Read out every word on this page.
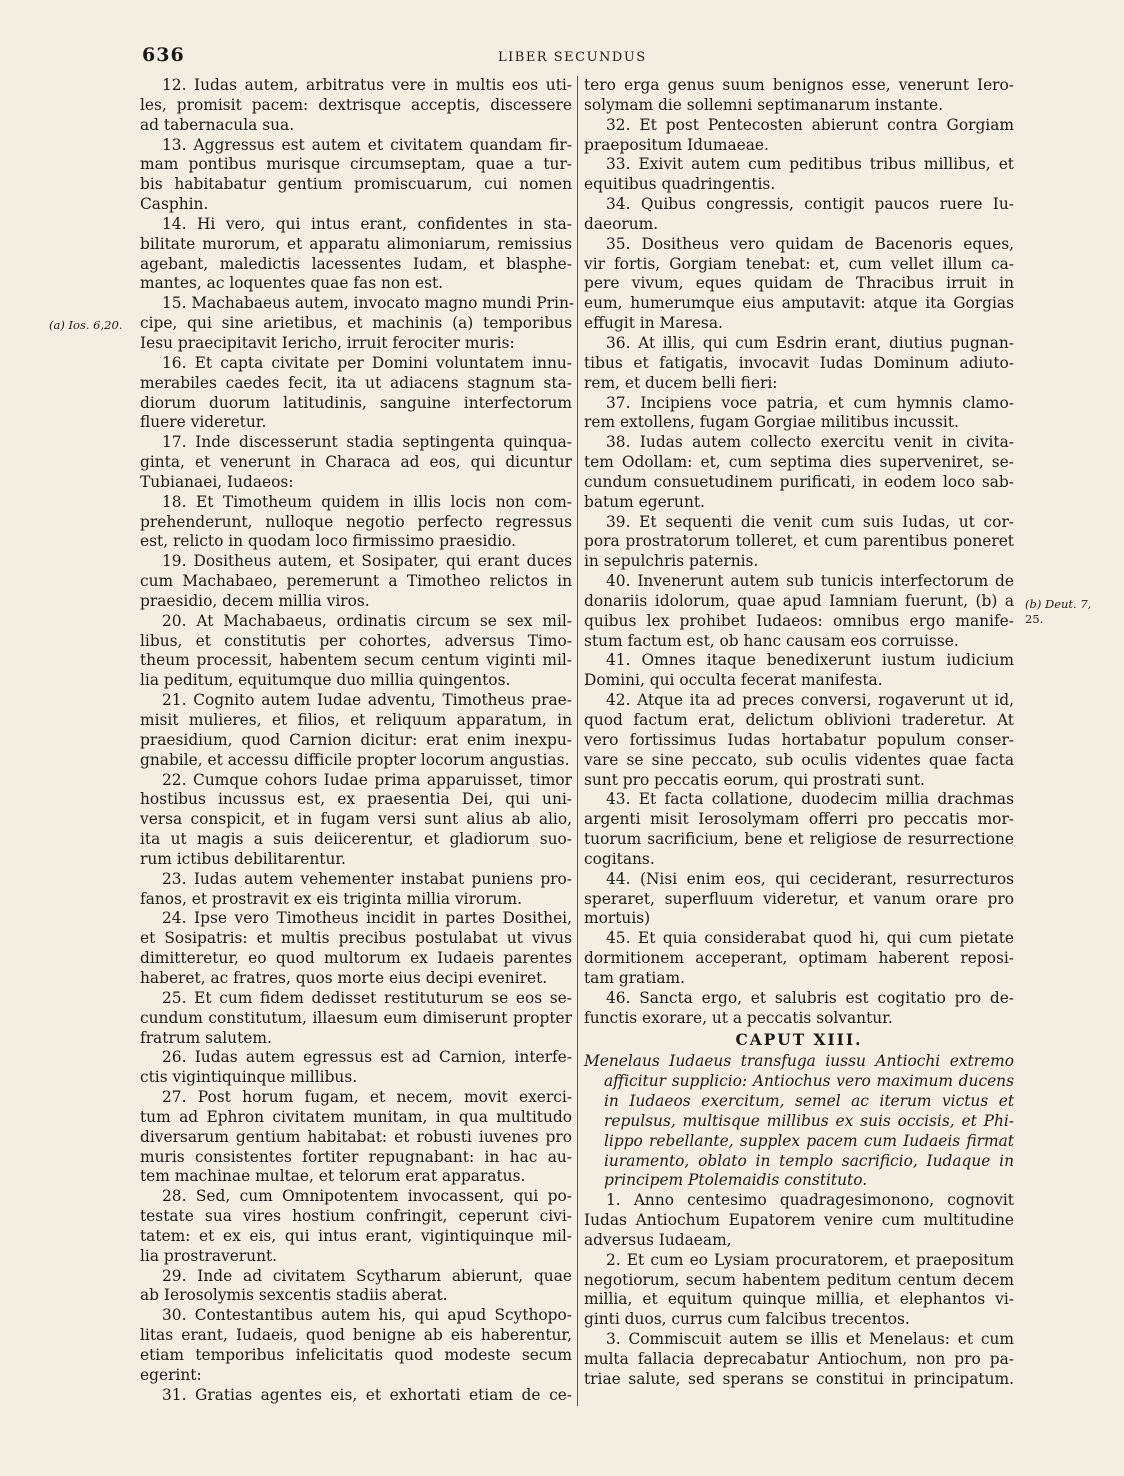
636	LIBER SECUNDUS
(a) Ios. 6,20.
(b) Deut. 7,
25.
12. Iudas autem, arbitratus vere in multis eos uti-
les, promisit pacem: dextrisque acceptis, discessere
ad tabernacula sua.
13. Aggressus est autem et civitatem quandam fir-
mam pontibus murisque circumseptam, quae a tur-
bis habitabatur gentium promiscuarum, cui nomen
Casphin.
14. Hi vero, qui intus erant, confidentes in sta-
bilitate murorum, et apparatu alimoniarum, remissius
agebant, maledictis lacessentes Iudam, et blasphe-
mantes, ac loquentes quae fas non est.
15. Machabaeus autem, invocato magno mundi Prin-
cipe, qui sine arietibus, et machinis (a) temporibus
Iesu praecipitavit Iericho, irruit ferociter muris:
16. Et capta civitate per Domini voluntatem innu-
merabiles caedes fecit, ita ut adiacens stagnum sta-
diorum duorum latitudinis, sanguine interfectorum
fluere videretur.
17. Inde discesserunt stadia septingenta quinqua-
ginta, et venerunt in Characa ad eos, qui dicuntur
Tubianaei, Iudaeos:
18. Et Timotheum quidem in illis locis non com-
prehenderunt, nulloque negotio perfecto regressus
est, relicto in quodam loco firmissimo praesidio.
19. Dositheus autem, et Sosipater, qui erant duces
cum Machabaeo, peremerunt a Timotheo relictos in
praesidio, decem millia viros.
20. At Machabaeus, ordinatis circum se sex mil-
libus, et constitutis per cohortes, adversus Timo-
theum processit, habentem secum centum viginti mil-
lia peditum, equitumque duo millia quingentos.
21. Cognito autem Iudae adventu, Timotheus prae-
misit mulieres, et filios, et reliquum apparatum, in
praesidium, quod Carnion dicitur: erat enim inexpu-
gnabile, et accessu difficile propter locorum angustias.
22. Cumque cohors Iudae prima apparuisset, timor
hostibus incussus est, ex praesentia Dei, qui uni-
versa conspicit, et in fugam versi sunt alius ab alio,
ita ut magis a suis deiicerentur, et gladiorum suo-
rum ictibus debilitarentur.
23. Iudas autem vehementer instabat puniens pro-
fanos, et prostravit ex eis triginta millia virorum.
24. Ipse vero Timotheus incidit in partes Dosithei,
et Sosipatris: et multis precibus postulabat ut vivus
dimitteretur, eo quod multorum ex Iudaeis parentes
haberet, ac fratres, quos morte eius decipi eveniret.
25. Et cum fidem dedisset restituturum se eos se-
cundum constitutum, illaesum eum dimiserunt propter
fratrum salutem.
26. Iudas autem egressus est ad Carnion, interfe-
ctis vigintiquinque millibus.
27. Post horum fugam, et necem, movit exerci-
tum ad Ephron civitatem munitam, in qua multitudo
diversarum gentium habitabat: et robusti iuvenes pro
muris consistentes fortiter repugnabant: in hac au-
tem machinae multae, et telorum erat apparatus.
28. Sed, cum Omnipotentem invocassent, qui po-
testate sua vires hostium confringit, ceperunt civi-
tatem: et ex eis, qui intus erant, vigintiquinque mil-
lia prostraverunt.
29. Inde ad civitatem Scytharum abierunt, quae
ab Ierosolymis sexcentis stadiis aberat.
30. Contestantibus autem his, qui apud Scythopo-
litas erant, Iudaeis, quod benigne ab eis haberentur,
etiam temporibus infelicitatis quod modeste secum
egerint:
31. Gratias agentes eis, et exhortati etiam de ce-
tero erga genus suum benignos esse, venerunt Iero-
solymam die sollemni septimanarum instante.
32. Et post Pentecosten abierunt contra Gorgiam
praepositum Idumaeae.
33. Exivit autem cum peditibus tribus millibus, et
equitibus quadringentis.
34. Quibus congressis, contigit paucos ruere Iu-
daeorum.
35. Dositheus vero quidam de Bacenoris eques,
vir fortis, Gorgiam tenebat: et, cum vellet illum ca-
pere vivum, eques quidam de Thracibus irruit in
eum, humerumque eius amputavit: atque ita Gorgias
effugit in Maresa.
36. At illis, qui cum Esdrin erant, diutius pugnan-
tibus et fatigatis, invocavit Iudas Dominum adiuto-
rem, et ducem belli fieri:
37. Incipiens voce patria, et cum hymnis clamo-
rem extollens, fugam Gorgiae militibus incussit.
38. Iudas autem collecto exercitu venit in civita-
tem Odollam: et, cum septima dies superveniret, se-
cundum consuetudinem purificati, in eodem loco sab-
batum egerunt.
39. Et sequenti die venit cum suis Iudas, ut cor-
pora prostratorum tolleret, et cum parentibus poneret
in sepulchris paternis.
40. Invenerunt autem sub tunicis interfectorum de
donariis idolorum, quae apud Iamniam fuerunt, (b) a
quibus lex prohibet Iudaeos: omnibus ergo manife-
stum factum est, ob hanc causam eos corruisse.
41. Omnes itaque benedixerunt iustum iudicium
Domini, qui occulta fecerat manifesta.
42. Atque ita ad preces conversi, rogaverunt ut id,
quod factum erat, delictum oblivioni traderetur. At
vero fortissimus Iudas hortabatur populum conser-
vare se sine peccato, sub oculis videntes quae facta
sunt pro peccatis eorum, qui prostrati sunt.
43. Et facta collatione, duodecim millia drachmas
argenti misit Ierosolymam offerri pro peccatis mor-
tuorum sacrificium, bene et religiose de resurrectione
cogitans.
44. (Nisi enim eos, qui ceciderant, resurrecturos
speraret, superfluum videretur, et vanum orare pro
mortuis)
45. Et quia considerabat quod hi, qui cum pietate
dormitionem acceperant, optimam haberent reposi-
tam gratiam.
46. Sancta ergo, et salubris est cogitatio pro de-
functis exorare, ut a peccatis solvantur.
CAPUT XIII.
Menelaus Iudaeus transfuga iussu Antiochi extremo
afficitur supplicio: Antiochus vero maximum ducens
in Iudaeos exercitum, semel ac iterum victus et
repulsus, multisque millibus ex suis occisis, et Phi-
lippo rebellante, supplex pacem cum Iudaeis firmat
iuramento, oblato in templo sacrificio, Iudaque in
principem Ptolemaidis constituto.
1. Anno centesimo quadragesimonono, cognovit
Iudas Antiochum Eupatorem venire cum multitudine
adversus Iudaeam,
2. Et cum eo Lysiam procuratorem, et praepositum
negotiorum, secum habentem peditum centum decem
millia, et equitum quinque millia, et elephantos vi-
ginti duos, currus cum falcibus trecentos.
3. Commiscuit autem se illis et Menelaus: et cum
multa fallacia deprecabatur Antiochum, non pro pa-
triae salute, sed sperans se constitui in principatum.
